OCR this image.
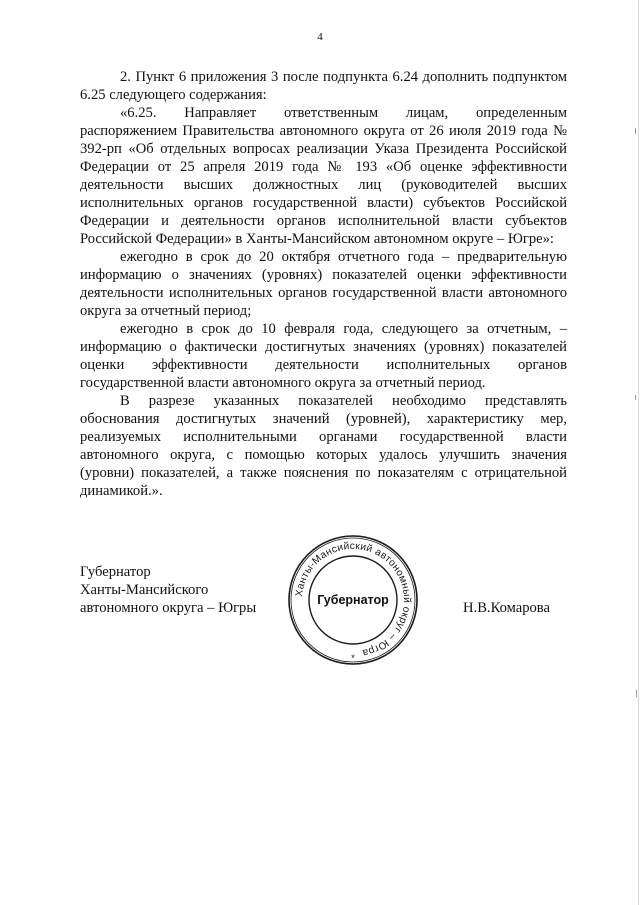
4

2. Пункт 6 приложения 3 после подпункта 6.24 дополнить подпунктом 6.25 следующего содержания:

«6.25. Направляет ответственным лицам, определенным распоряжением Правительства автономного округа от 26 июля 2019 года № 392-рп «Об отдельных вопросах реализации Указа Президента Российской Федерации от 25 апреля 2019 года № 193 «Об оценке эффективности деятельности высших должностных лиц (руководителей высших исполнительных органов государственной власти) субъектов Российской Федерации и деятельности органов исполнительной власти субъектов Российской Федерации» в Ханты-Мансийском автономном округе – Югре»:

ежегодно в срок до 20 октября отчетного года – предварительную информацию о значениях (уровнях) показателей оценки эффективности деятельности исполнительных органов государственной власти автономного округа за отчетный период;

ежегодно в срок до 10 февраля года, следующего за отчетным, – информацию о фактически достигнутых значениях (уровнях) показателей оценки эффективности деятельности исполнительных органов государственной власти автономного округа за отчетный период.

В разрезе указанных показателей необходимо представлять обоснования достигнутых значений (уровней), характеристику мер, реализуемых исполнительными органами государственной власти автономного округа, с помощью которых удалось улучшить значения (уровни) показателей, а также пояснения по показателям с отрицательной динамикой.».

Губернатор
Ханты-Мансийского
автономного округа – Югры	Н.В.Комарова
Ханты-Мансийский автономный округ – Югра
Губернатор
*
